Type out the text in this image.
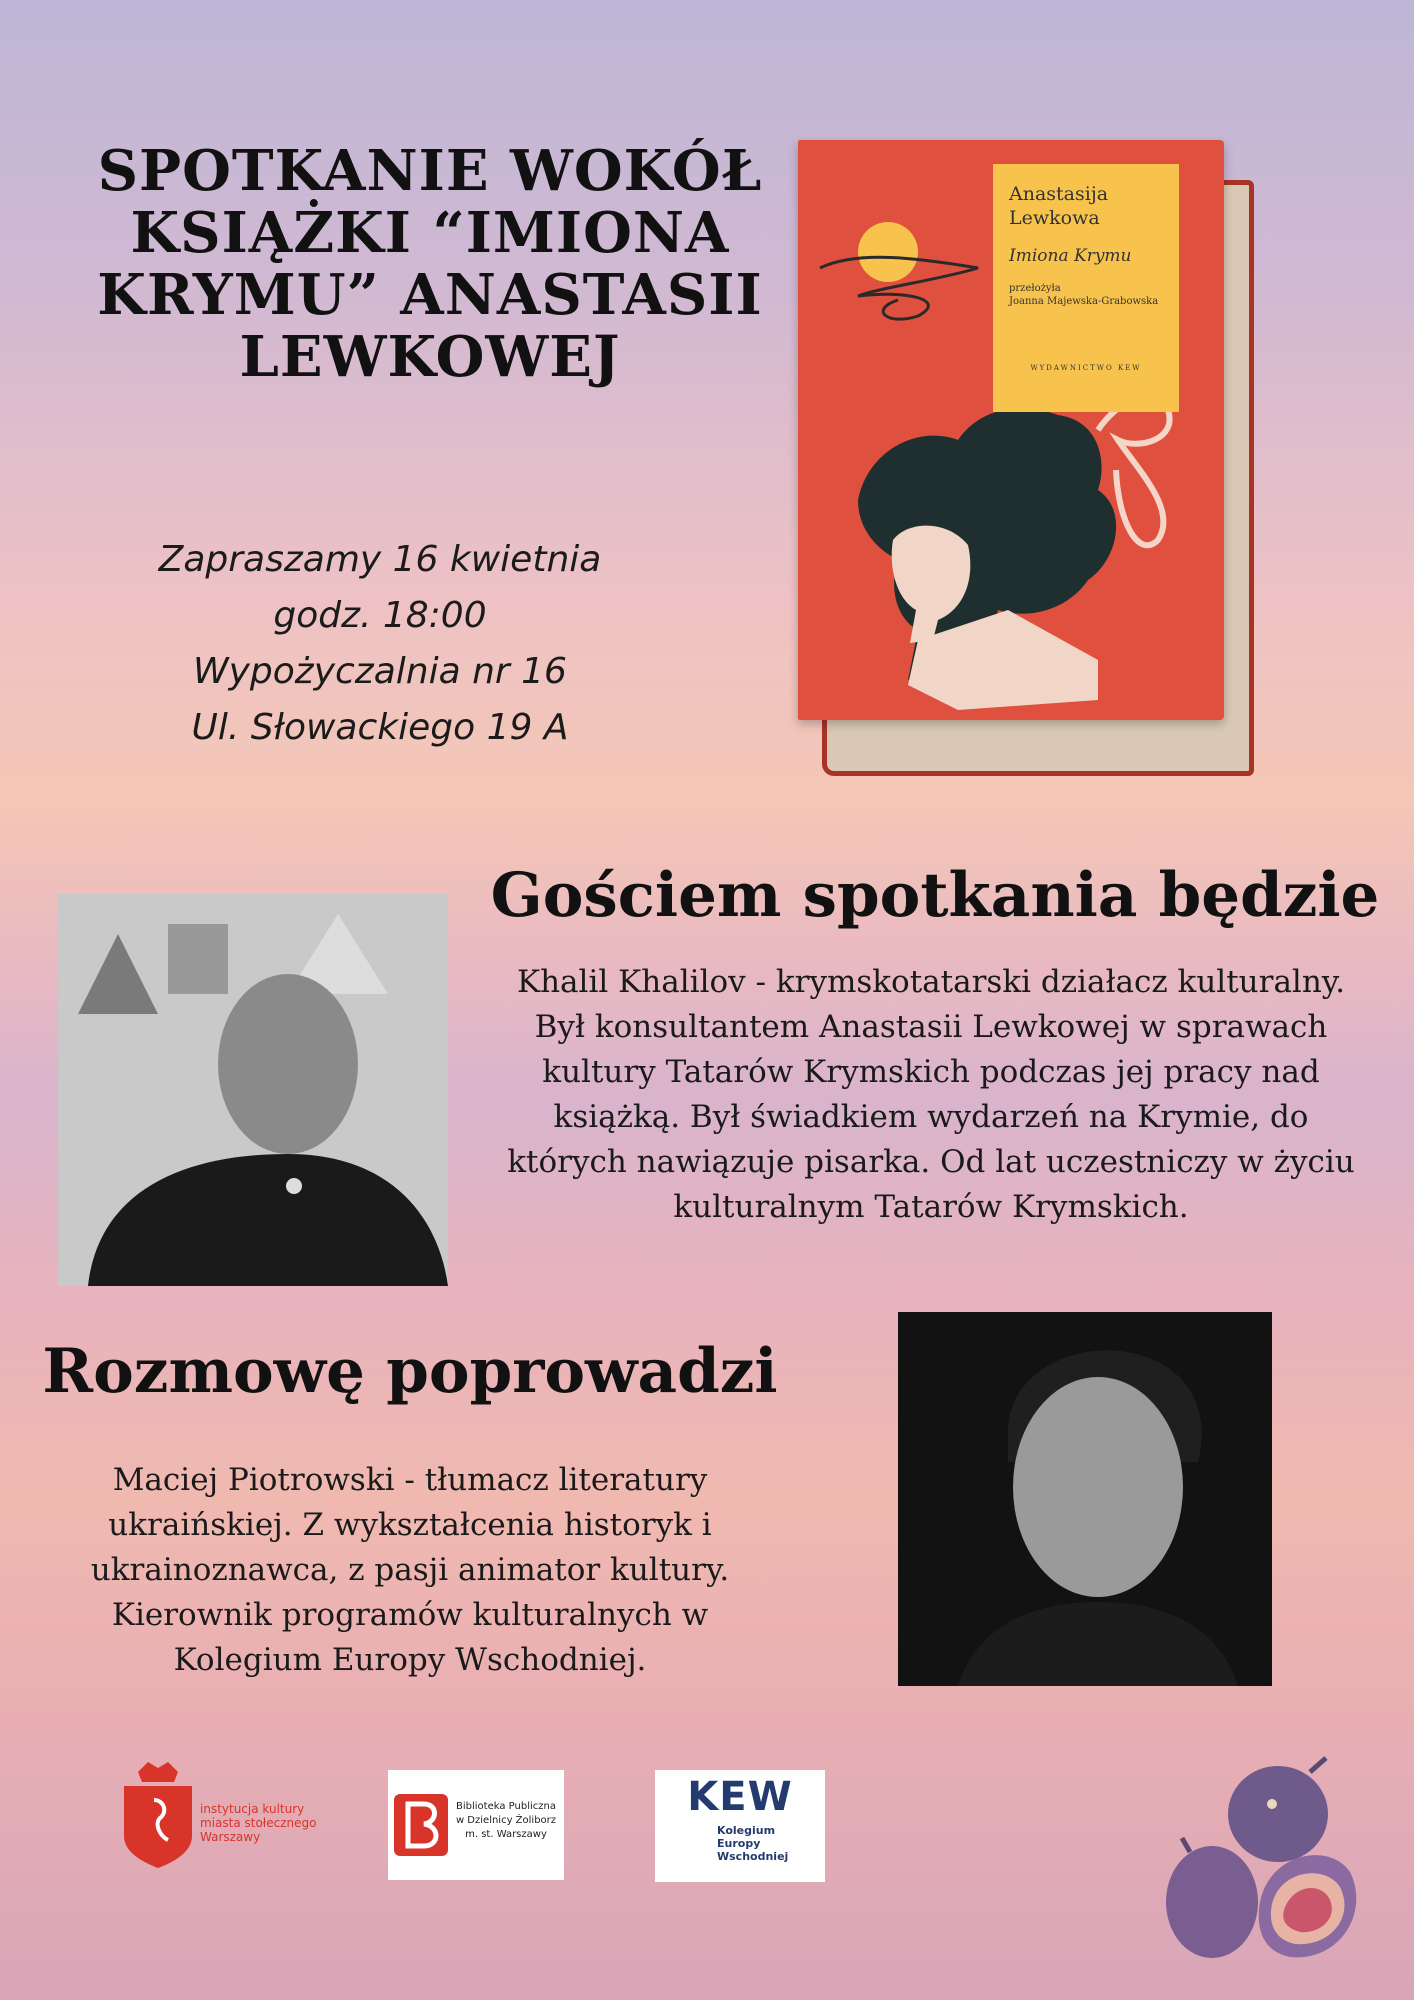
SPOTKANIE WOKÓŁ
KSIĄŻKI “IMIONA
KRYMU” ANASTASII
LEWKOWEJ
Zapraszamy 16 kwietnia
godz. 18:00
Wypożyczalnia nr 16
Ul. Słowackiego 19 A
Anastasija
Lewkowa
Imiona Krymu
przełożyła
Joanna Majewska-Grabowska
WYDAWNICTWO KEW
Gościem spotkania będzie
Khalil Khalilov - krymskotatarski działacz kulturalny. Był konsultantem Anastasii Lewkowej w sprawach kultury Tatarów Krymskich podczas jej pracy nad książką. Był świadkiem wydarzeń na Krymie, do których nawiązuje pisarka. Od lat uczestniczy w życiu kulturalnym Tatarów Krymskich.
Rozmowę poprowadzi
Maciej Piotrowski - tłumacz literatury ukraińskiej. Z wykształcenia historyk i ukrainoznawca, z pasji animator kultury. Kierownik programów kulturalnych w Kolegium Europy Wschodniej.
instytucja kultury
miasta stołecznego
Warszawy
Biblioteka Publiczna
w Dzielnicy Żoliborz
m. st. Warszawy
KEW
Kolegium
Europy
Wschodniej
